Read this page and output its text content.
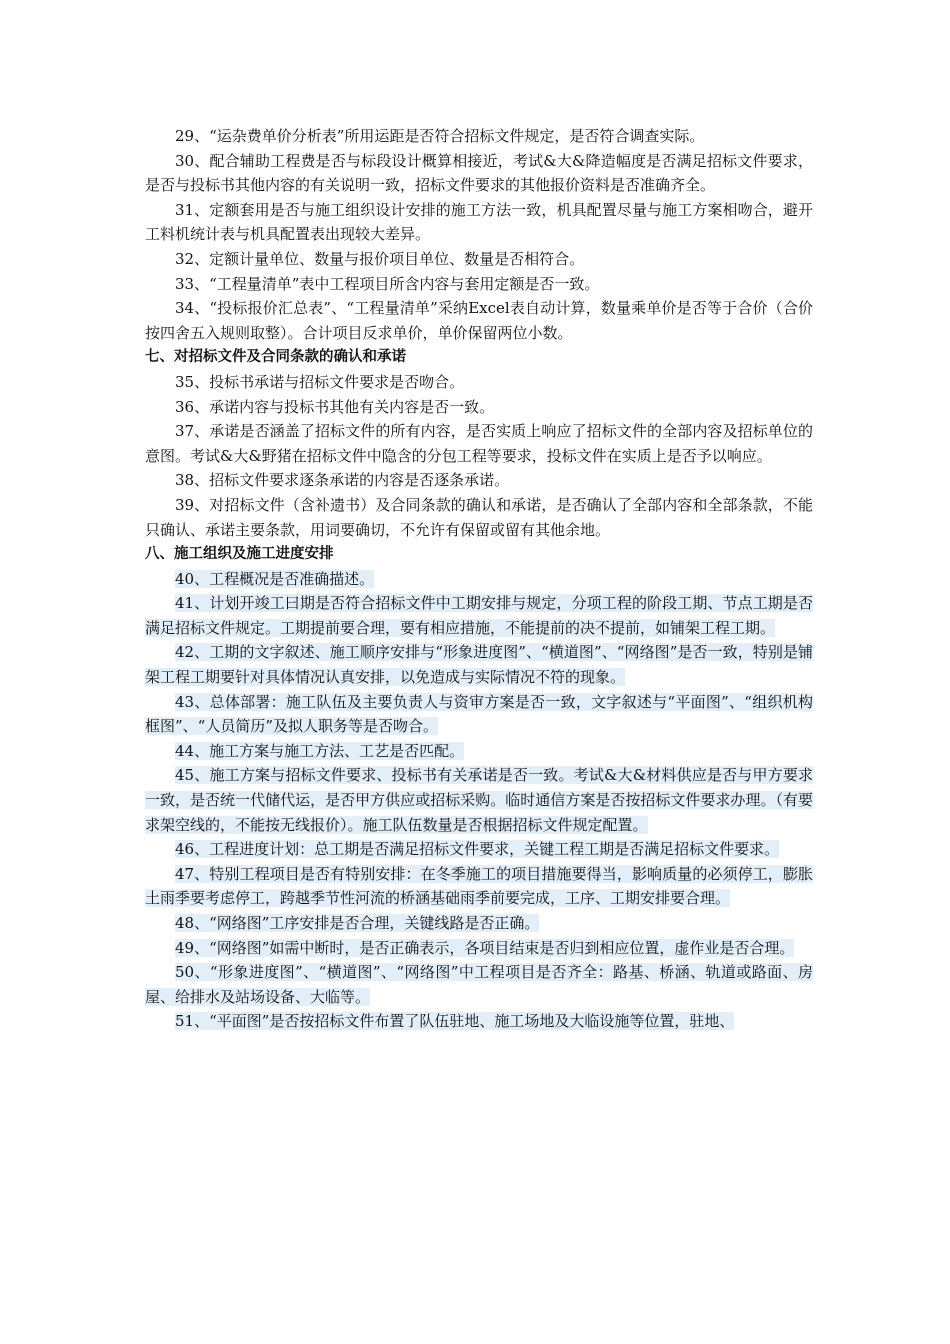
29、“运杂费单价分析表”所用运距是否符合招标文件规定，是否符合调查实际。

30、配合辅助工程费是否与标段设计概算相接近，考试&大&降造幅度是否满足招标文件要求，是否与投标书其他内容的有关说明一致，招标文件要求的其他报价资料是否准确齐全。

31、定额套用是否与施工组织设计安排的施工方法一致，机具配置尽量与施工方案相吻合，避开工料机统计表与机具配置表出现较大差异。

32、定额计量单位、数量与报价项目单位、数量是否相符合。

33、“工程量清单”表中工程项目所含内容与套用定额是否一致。

34、“投标报价汇总表”、“工程量清单”采纳Excel表自动计算，数量乘单价是否等于合价（合价按四舍五入规则取整）。合计项目反求单价，单价保留两位小数。

七、对招标文件及合同条款的确认和承诺

35、投标书承诺与招标文件要求是否吻合。

36、承诺内容与投标书其他有关内容是否一致。

37、承诺是否涵盖了招标文件的所有内容，是否实质上响应了招标文件的全部内容及招标单位的意图。考试&大&野猪在招标文件中隐含的分包工程等要求，投标文件在实质上是否予以响应。

38、招标文件要求逐条承诺的内容是否逐条承诺。

39、对招标文件（含补遗书）及合同条款的确认和承诺，是否确认了全部内容和全部条款，不能只确认、承诺主要条款，用词要确切，不允许有保留或留有其他余地。

八、施工组织及施工进度安排

40、工程概况是否准确描述。

41、计划开竣工曰期是否符合招标文件中工期安排与规定，分项工程的阶段工期、节点工期是否满足招标文件规定。工期提前要合理，要有相应措施，不能提前的决不提前，如铺架工程工期。

42、工期的文字叙述、施工顺序安排与“形象进度图”、“横道图”、“网络图”是否一致，特别是铺架工程工期要针对具体情况认真安排，以免造成与实际情况不符的现象。

43、总体部署：施工队伍及主要负责人与资审方案是否一致，文字叙述与“平面图”、“组织机构框图”、“人员简历”及拟人职务等是否吻合。

44、施工方案与施工方法、工艺是否匹配。

45、施工方案与招标文件要求、投标书有关承诺是否一致。考试&大&材料供应是否与甲方要求一致，是否统一代储代运，是否甲方供应或招标采购。临时通信方案是否按招标文件要求办理。（有要求架空线的，不能按无线报价）。施工队伍数量是否根据招标文件规定配置。

46、工程进度计划：总工期是否满足招标文件要求，关键工程工期是否满足招标文件要求。

47、特别工程项目是否有特别安排：在冬季施工的项目措施要得当，影响质量的必须停工，膨胀土雨季要考虑停工，跨越季节性河流的桥涵基础雨季前要完成，工序、工期安排要合理。

48、“网络图”工序安排是否合理，关键线路是否正确。

49、“网络图”如需中断时，是否正确表示，各项目结束是否归到相应位置，虚作业是否合理。

50、“形象进度图”、“横道图”、“网络图”中工程项目是否齐全：路基、桥涵、轨道或路面、房屋、给排水及站场设备、大临等。

51、“平面图”是否按招标文件布置了队伍驻地、施工场地及大临设施等位置，驻地、
